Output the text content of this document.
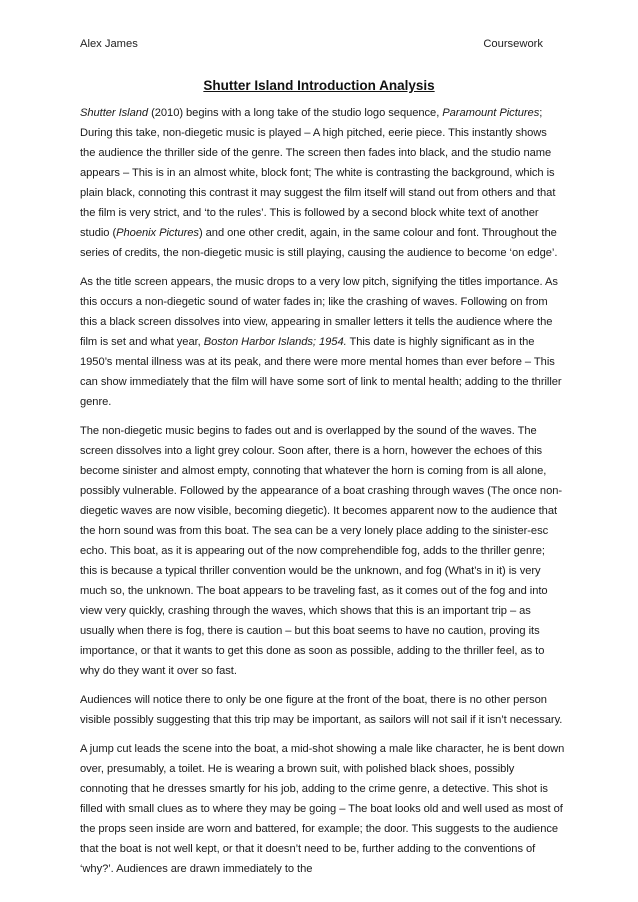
Alex James	Coursework
Shutter Island Introduction Analysis

Shutter Island (2010) begins with a long take of the studio logo sequence, Paramount Pictures; During this take, non-diegetic music is played – A high pitched, eerie piece. This instantly shows the audience the thriller side of the genre. The screen then fades into black, and the studio name appears – This is in an almost white, block font; The white is contrasting the background, which is plain black, connoting this contrast it may suggest the film itself will stand out from others and that the film is very strict, and ‘to the rules’. This is followed by a second block white text of another studio (Phoenix Pictures) and one other credit, again, in the same colour and font. Throughout the series of credits, the non-diegetic music is still playing, causing the audience to become ‘on edge’.

As the title screen appears, the music drops to a very low pitch, signifying the titles importance. As this occurs a non-diegetic sound of water fades in; like the crashing of waves. Following on from this a black screen dissolves into view, appearing in smaller letters it tells the audience where the film is set and what year, Boston Harbor Islands; 1954. This date is highly significant as in the 1950’s mental illness was at its peak, and there were more mental homes than ever before – This can show immediately that the film will have some sort of link to mental health; adding to the thriller genre.

The non-diegetic music begins to fades out and is overlapped by the sound of the waves. The screen dissolves into a light grey colour. Soon after, there is a horn, however the echoes of this become sinister and almost empty, connoting that whatever the horn is coming from is all alone, possibly vulnerable. Followed by the appearance of a boat crashing through waves (The once non-diegetic waves are now visible, becoming diegetic). It becomes apparent now to the audience that the horn sound was from this boat. The sea can be a very lonely place adding to the sinister-esc echo. This boat, as it is appearing out of the now comprehendible fog, adds to the thriller genre; this is because a typical thriller convention would be the unknown, and fog (What’s in it) is very much so, the unknown. The boat appears to be traveling fast, as it comes out of the fog and into view very quickly, crashing through the waves, which shows that this is an important trip – as usually when there is fog, there is caution – but this boat seems to have no caution, proving its importance, or that it wants to get this done as soon as possible, adding to the thriller feel, as to why do they want it over so fast.

Audiences will notice there to only be one figure at the front of the boat, there is no other person visible possibly suggesting that this trip may be important, as sailors will not sail if it isn’t necessary.

A jump cut leads the scene into the boat, a mid-shot showing a male like character, he is bent down over, presumably, a toilet. He is wearing a brown suit, with polished black shoes, possibly connoting that he dresses smartly for his job, adding to the crime genre, a detective. This shot is filled with small clues as to where they may be going – The boat looks old and well used as most of the props seen inside are worn and battered, for example; the door. This suggests to the audience that the boat is not well kept, or that it doesn’t need to be, further adding to the conventions of ‘why?’. Audiences are drawn immediately to the
